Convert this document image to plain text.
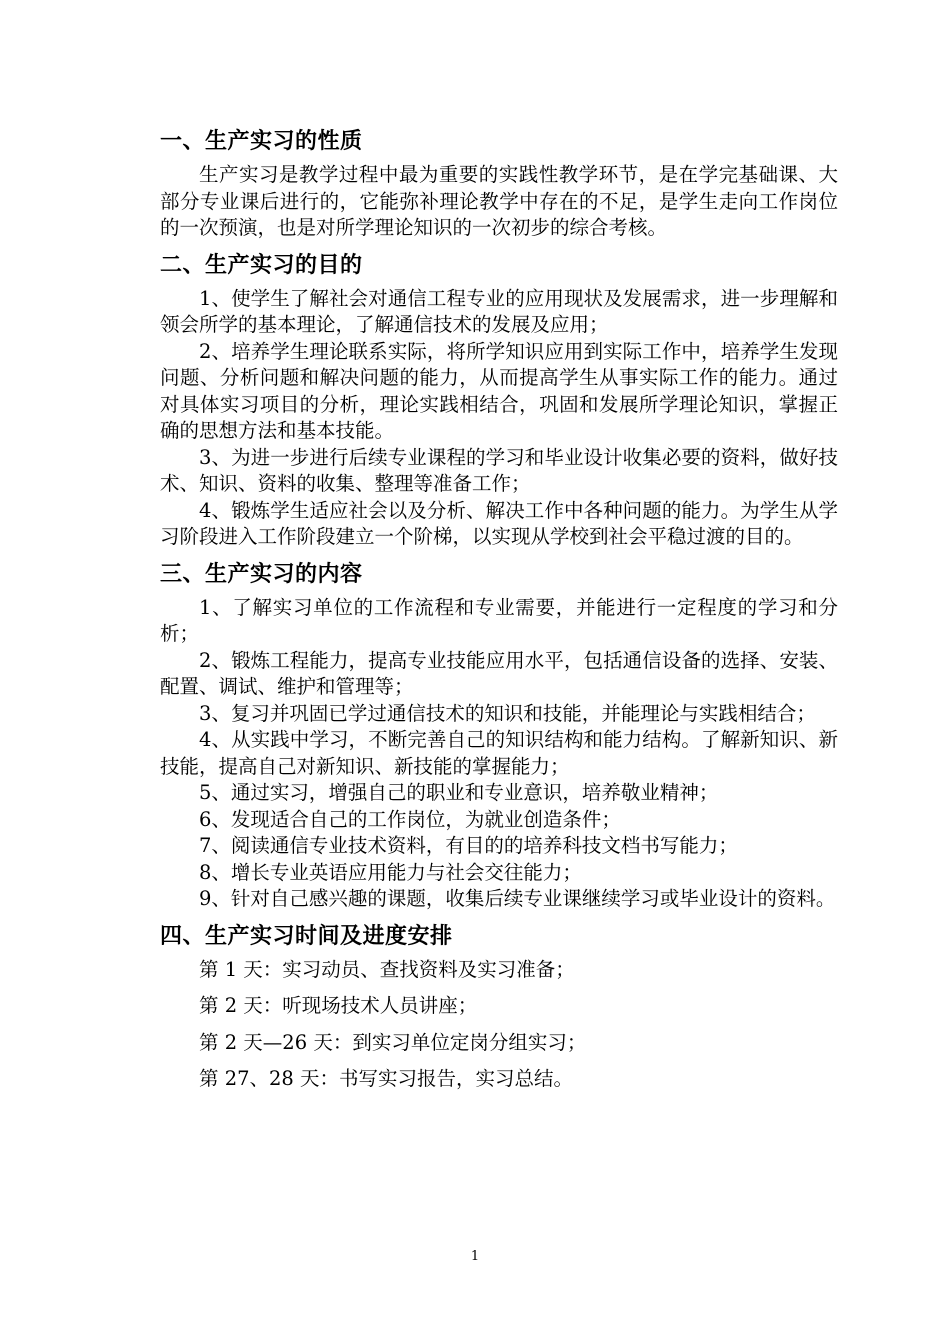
一、生产实习的性质

生产实习是教学过程中最为重要的实践性教学环节，是在学完基础课、大部分专业课后进行的，它能弥补理论教学中存在的不足，是学生走向工作岗位的一次预演，也是对所学理论知识的一次初步的综合考核。

二、生产实习的目的

1、使学生了解社会对通信工程专业的应用现状及发展需求，进一步理解和领会所学的基本理论，了解通信技术的发展及应用；

2、培养学生理论联系实际，将所学知识应用到实际工作中，培养学生发现问题、分析问题和解决问题的能力，从而提高学生从事实际工作的能力。通过对具体实习项目的分析，理论实践相结合，巩固和发展所学理论知识，掌握正确的思想方法和基本技能。

3、为进一步进行后续专业课程的学习和毕业设计收集必要的资料，做好技术、知识、资料的收集、整理等准备工作；

4、锻炼学生适应社会以及分析、解决工作中各种问题的能力。为学生从学习阶段进入工作阶段建立一个阶梯，以实现从学校到社会平稳过渡的目的。

三、生产实习的内容

1、了解实习单位的工作流程和专业需要，并能进行一定程度的学习和分析；

2、锻炼工程能力，提高专业技能应用水平，包括通信设备的选择、安装、配置、调试、维护和管理等；

3、复习并巩固已学过通信技术的知识和技能，并能理论与实践相结合；

4、从实践中学习，不断完善自己的知识结构和能力结构。了解新知识、新技能，提高自己对新知识、新技能的掌握能力；

5、通过实习，增强自己的职业和专业意识，培养敬业精神；

6、发现适合自己的工作岗位，为就业创造条件；

7、阅读通信专业技术资料，有目的的培养科技文档书写能力；

8、增长专业英语应用能力与社会交往能力；

9、针对自己感兴趣的课题，收集后续专业课继续学习或毕业设计的资料。

四、生产实习时间及进度安排

第 1 天：实习动员、查找资料及实习准备；

第 2 天：听现场技术人员讲座；

第 2 天—26 天：到实习单位定岗分组实习；

第 27、28 天：书写实习报告，实习总结。

1
